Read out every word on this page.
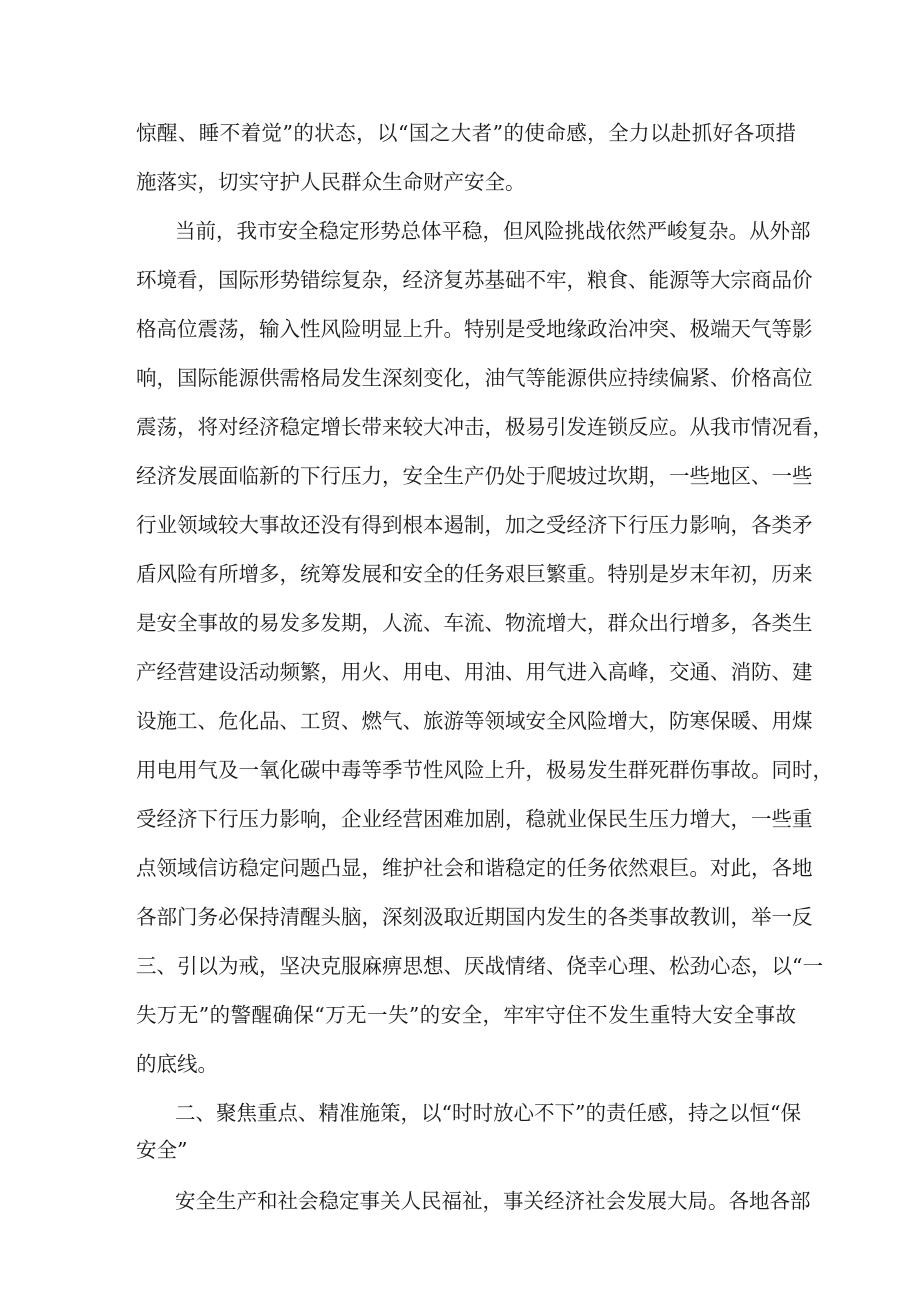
惊醒、睡不着觉”的状态，以“国之大者”的使命感，全力以赴抓好各项措
施落实，切实守护人民群众生命财产安全。
当前，我市安全稳定形势总体平稳，但风险挑战依然严峻复杂。从外部
环境看，国际形势错综复杂，经济复苏基础不牢，粮食、能源等大宗商品价
格高位震荡，输入性风险明显上升。特别是受地缘政治冲突、极端天气等影
响，国际能源供需格局发生深刻变化，油气等能源供应持续偏紧、价格高位
震荡，将对经济稳定增长带来较大冲击，极易引发连锁反应。从我市情况看，
经济发展面临新的下行压力，安全生产仍处于爬坡过坎期，一些地区、一些
行业领域较大事故还没有得到根本遏制，加之受经济下行压力影响，各类矛
盾风险有所增多，统筹发展和安全的任务艰巨繁重。特别是岁末年初，历来
是安全事故的易发多发期，人流、车流、物流增大，群众出行增多，各类生
产经营建设活动频繁，用火、用电、用油、用气进入高峰，交通、消防、建
设施工、危化品、工贸、燃气、旅游等领域安全风险增大，防寒保暖、用煤
用电用气及一氧化碳中毒等季节性风险上升，极易发生群死群伤事故。同时，
受经济下行压力影响，企业经营困难加剧，稳就业保民生压力增大，一些重
点领域信访稳定问题凸显，维护社会和谐稳定的任务依然艰巨。对此，各地
各部门务必保持清醒头脑，深刻汲取近期国内发生的各类事故教训，举一反
三、引以为戒，坚决克服麻痹思想、厌战情绪、侥幸心理、松劲心态，以“一
失万无”的警醒确保“万无一失”的安全，牢牢守住不发生重特大安全事故
的底线。
二、聚焦重点、精准施策，以“时时放心不下”的责任感，持之以恒“保
安全”
安全生产和社会稳定事关人民福祉，事关经济社会发展大局。各地各部
